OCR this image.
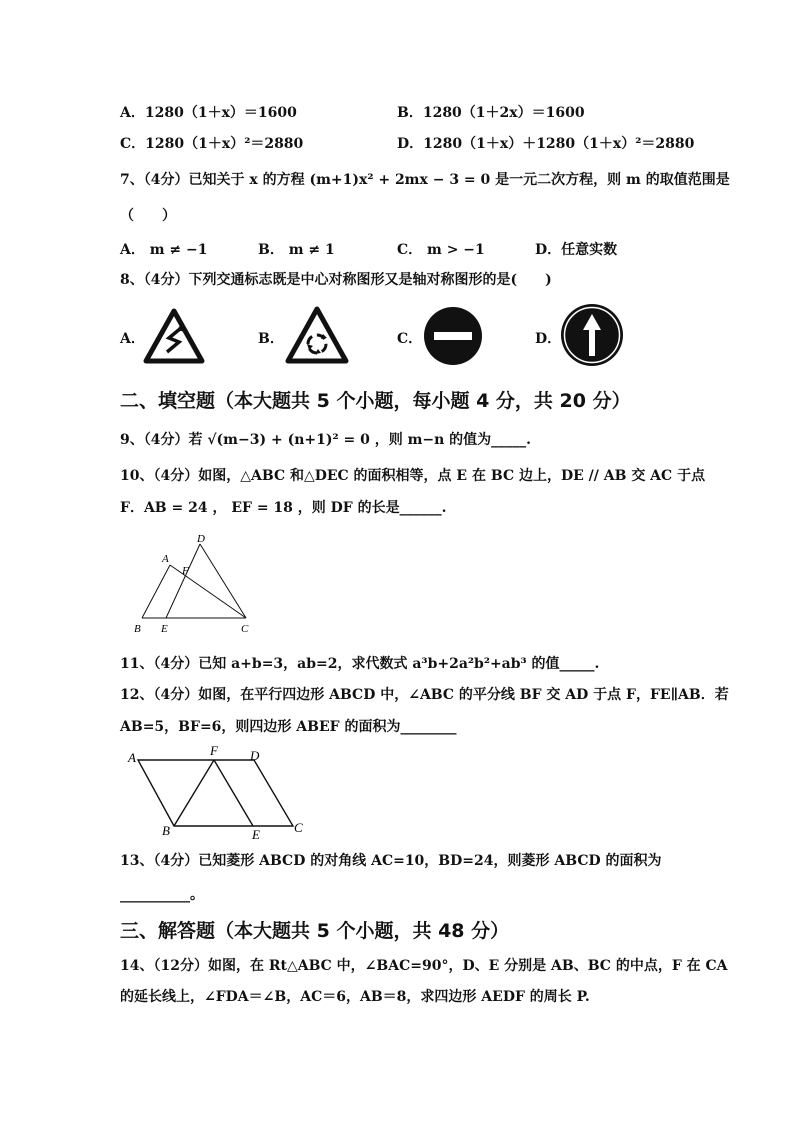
A．1280（1＋x）＝1600	B．1280（1＋2x）＝1600
C．1280（1＋x）²＝2880	D．1280（1＋x）＋1280（1＋x）²＝2880
7、（4分）已知关于 x 的方程 (m+1)x² + 2mx − 3 = 0 是一元二次方程，则 m 的取值范围是
（　　）
A． m ≠ −1	B． m ≠ 1	C． m > −1	D．任意实数
8、（4分）下列交通标志既是中心对称图形又是轴对称图形的是(　　)
A．	B．	C．	D．
二、填空题（本大题共 5 个小题，每小题 4 分，共 20 分）
9、（4分）若 √(m−3) + (n+1)² = 0 ，则 m−n 的值为_____.
10、（4分）如图，△ABC 和△DEC 的面积相等，点 E 在 BC 边上，DE // AB 交 AC 于点
F．AB = 24 ， EF = 18 ，则 DF 的长是______.
D
A
F
B E	C
11、（4分）已知 a+b=3，ab=2，求代数式 a³b+2a²b²+ab³ 的值_____.
12、（4分）如图，在平行四边形 ABCD 中，∠ABC 的平分线 BF 交 AD 于点 F，FE∥AB．若
AB=5，BF=6，则四边形 ABEF 的面积为________
A	F D
B	E	C
13、（4分）已知菱形 ABCD 的对角线 AC=10，BD=24，则菱形 ABCD 的面积为
__________。
三、解答题（本大题共 5 个小题，共 48 分）
14、（12分）如图，在 Rt△ABC 中，∠BAC=90°，D、E 分别是 AB、BC 的中点，F 在 CA
的延长线上，∠FDA＝∠B，AC＝6，AB＝8，求四边形 AEDF 的周长 P.
